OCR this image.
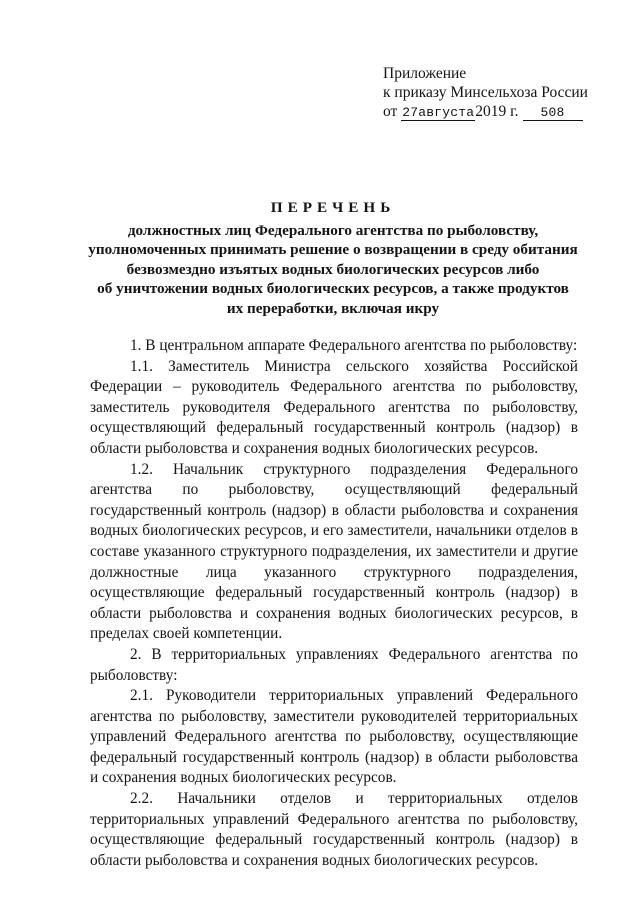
Приложение
к приказу Минсельхоза России
от 27августа2019 г. 508
ПЕРЕЧЕНЬ
должностных лиц Федерального агентства по рыболовству,
уполномоченных принимать решение о возвращении в среду обитания
безвозмездно изъятых водных биологических ресурсов либо
об уничтожении водных биологических ресурсов, а также продуктов
их переработки, включая икру

1. В центральном аппарате Федерального агентства по рыболовству:

1.1. Заместитель Министра сельского хозяйства Российской Федерации – руководитель Федерального агентства по рыболовству, заместитель руководителя Федерального агентства по рыболовству, осуществляющий федеральный государственный контроль (надзор) в области рыболовства и сохранения водных биологических ресурсов.

1.2. Начальник структурного подразделения Федерального агентства по рыболовству, осуществляющий федеральный государственный контроль (надзор) в области рыболовства и сохранения водных биологических ресурсов, и его заместители, начальники отделов в составе указанного структурного подразделения, их заместители и другие должностные лица указанного структурного подразделения, осуществляющие федеральный государственный контроль (надзор) в области рыболовства и сохранения водных биологических ресурсов, в пределах своей компетенции.

2. В территориальных управлениях Федерального агентства по рыболовству:

2.1. Руководители территориальных управлений Федерального агентства по рыболовству, заместители руководителей территориальных управлений Федерального агентства по рыболовству, осуществляющие федеральный государственный контроль (надзор) в области рыболовства и сохранения водных биологических ресурсов.

2.2. Начальники отделов и территориальных отделов территориальных управлений Федерального агентства по рыболовству, осуществляющие федеральный государственный контроль (надзор) в области рыболовства и сохранения водных биологических ресурсов.
